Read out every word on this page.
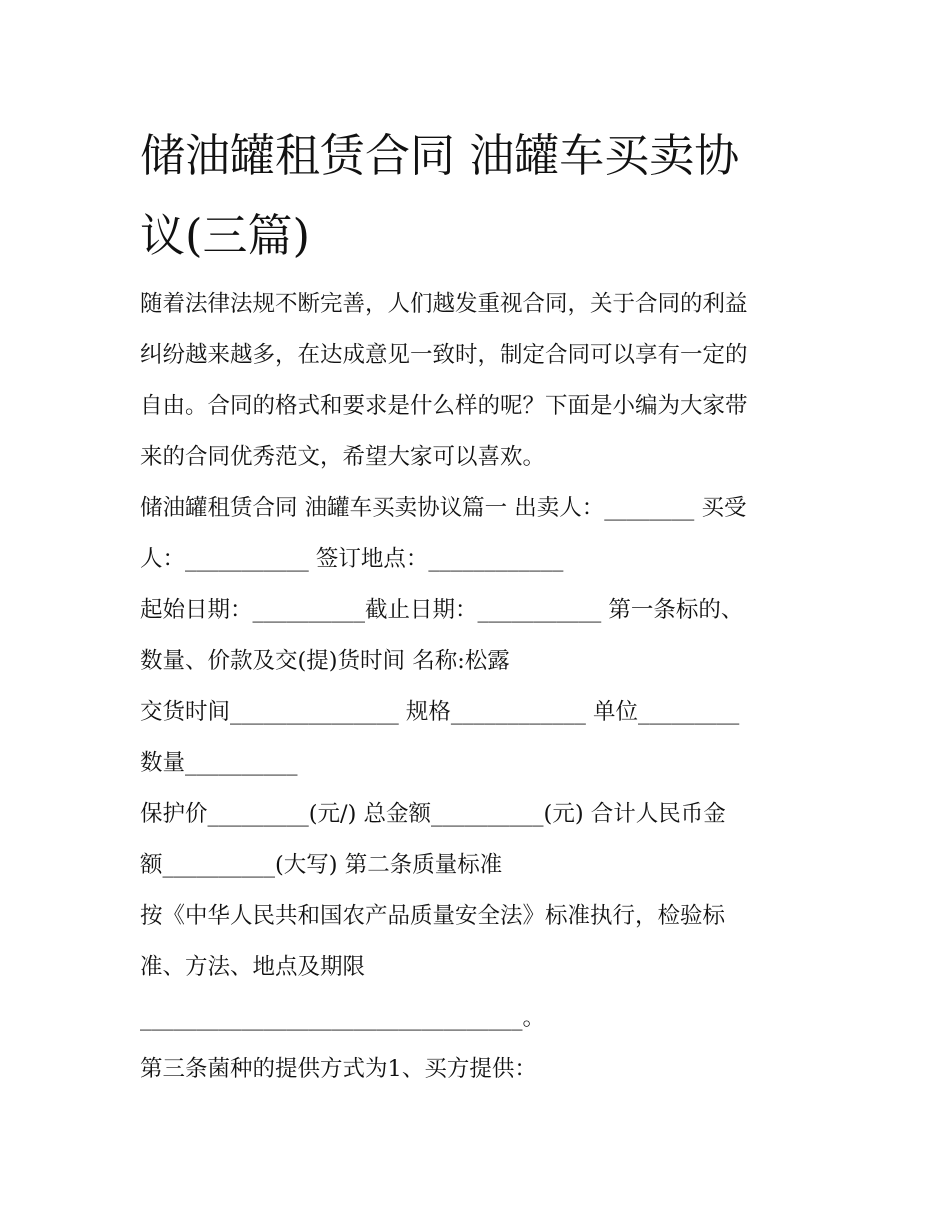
储油罐租赁合同 油罐车买卖协
议(三篇)
随着法律法规不断完善，人们越发重视合同，关于合同的利益
纠纷越来越多，在达成意见一致时，制定合同可以享有一定的
自由。合同的格式和要求是什么样的呢？下面是小编为大家带
来的合同优秀范文，希望大家可以喜欢。
储油罐租赁合同 油罐车买卖协议篇一 出卖人：________ 买受
人：___________ 签订地点：____________
起始日期：__________截止日期：___________ 第一条标的、
数量、价款及交(提)货时间 名称:松露
交货时间_______________ 规格____________ 单位_________
数量__________
保护价_________(元/) 总金额__________(元) 合计人民币金
额__________(大写) 第二条质量标准
按《中华人民共和国农产品质量安全法》标准执行，检验标
准、方法、地点及期限
__________________________________。
第三条菌种的提供方式为1、买方提供：
